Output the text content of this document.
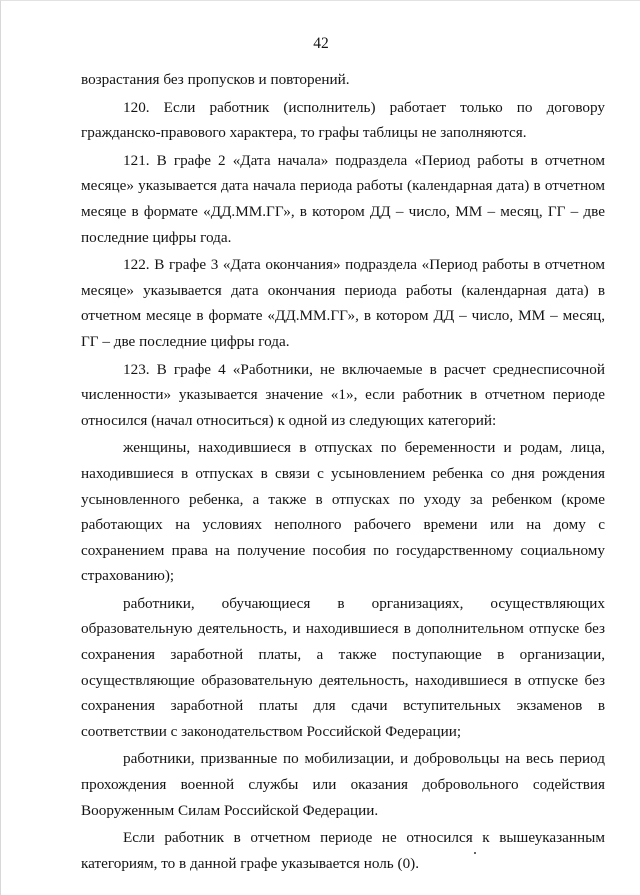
42

возрастания без пропусков и повторений.

120. Если работник (исполнитель) работает только по договору гражданско-правового характера, то графы таблицы не заполняются.

121. В графе 2 «Дата начала» подраздела «Период работы в отчетном месяце» указывается дата начала периода работы (календарная дата) в отчетном месяце в формате «ДД.ММ.ГГ», в котором ДД – число, ММ – месяц, ГГ – две последние цифры года.

122. В графе 3 «Дата окончания» подраздела «Период работы в отчетном месяце» указывается дата окончания периода работы (календарная дата) в отчетном месяце в формате «ДД.ММ.ГГ», в котором ДД – число, ММ – месяц, ГГ – две последние цифры года.

123. В графе 4 «Работники, не включаемые в расчет среднесписочной численности» указывается значение «1», если работник в отчетном периоде относился (начал относиться) к одной из следующих категорий:

женщины, находившиеся в отпусках по беременности и родам, лица, находившиеся в отпусках в связи с усыновлением ребенка со дня рождения усыновленного ребенка, а также в отпусках по уходу за ребенком (кроме работающих на условиях неполного рабочего времени или на дому с сохранением права на получение пособия по государственному социальному страхованию);

работники, обучающиеся в организациях, осуществляющих образовательную деятельность, и находившиеся в дополнительном отпуске без сохранения заработной платы, а также поступающие в организации, осуществляющие образовательную деятельность, находившиеся в отпуске без сохранения заработной платы для сдачи вступительных экзаменов в соответствии с законодательством Российской Федерации;

работники, призванные по мобилизации, и добровольцы на весь период прохождения военной службы или оказания добровольного содействия Вооруженным Силам Российской Федерации.

Если работник в отчетном периоде не относился к вышеуказанным категориям, то в данной графе указывается ноль (0).
